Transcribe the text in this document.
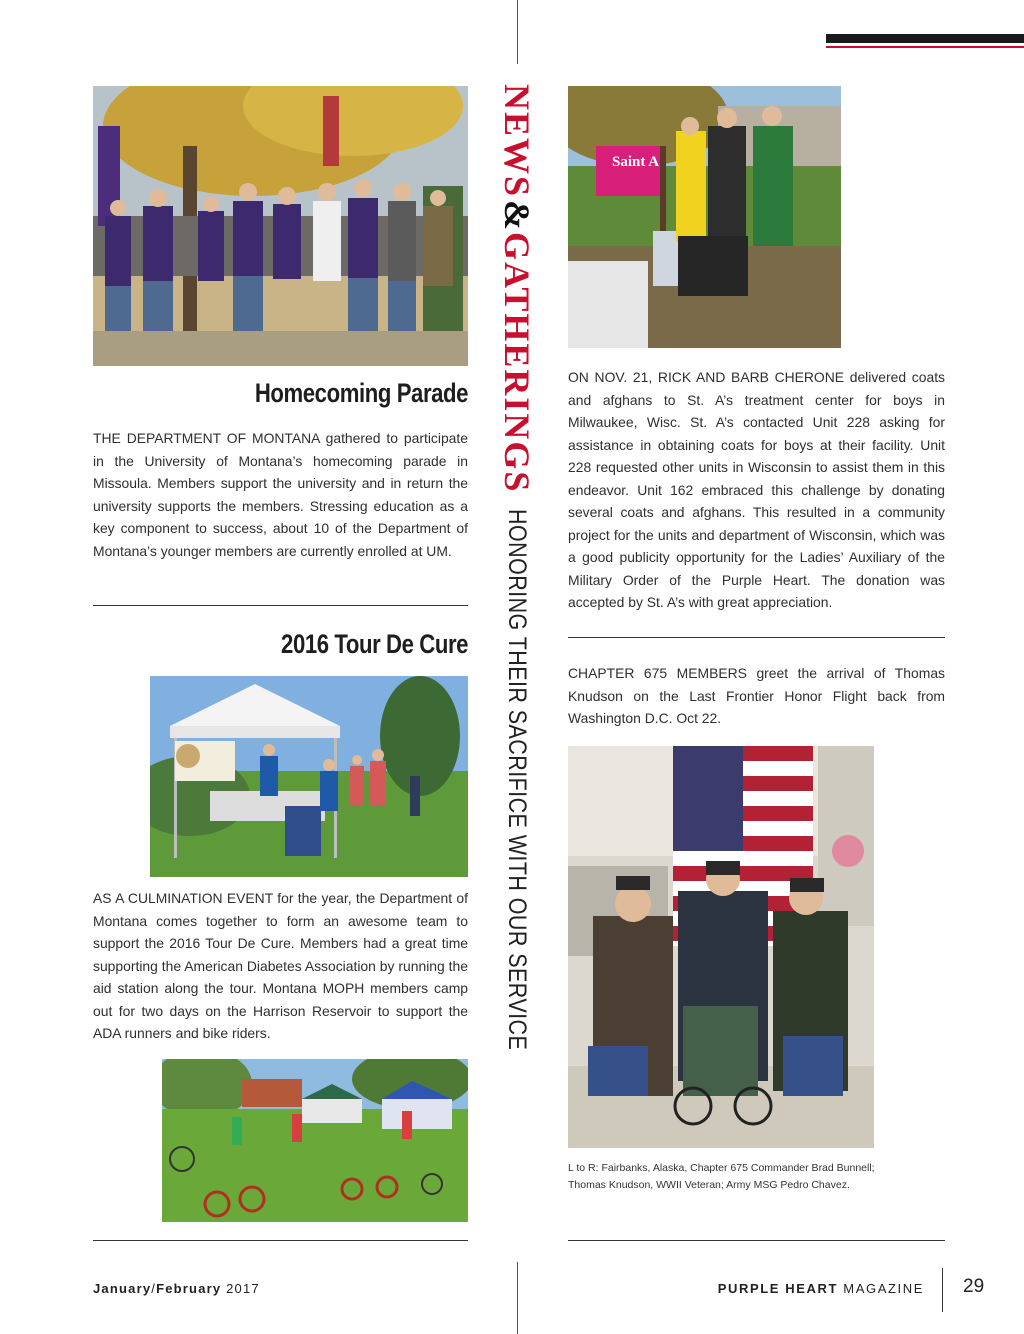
NEWS
&
GATHERINGS
HONORING THEIR SACRIFICE WITH OUR SERVICE
Homecoming Parade
THE DEPARTMENT OF MONTANA gathered to participate in the University of Montana’s homecoming parade in Missoula. Members support the university and in return the university supports the members. Stressing education as a key component to success, about 10 of the Department of Montana’s younger members are currently enrolled at UM.
2016 Tour De Cure
AS A CULMINATION EVENT for the year, the Department of Montana comes together to form an awesome team to support the 2016 Tour De Cure. Members had a great time supporting the American Diabetes Association by running the aid station along the tour. Montana MOPH members camp out for two days on the Harrison Reservoir to support the ADA runners and bike riders.
Saint A
ON NOV. 21, RICK AND BARB CHERONE delivered coats and afghans to St. A’s treatment center for boys in Milwaukee, Wisc. St. A’s contacted Unit 228 asking for assistance in obtaining coats for boys at their facility. Unit 228 requested other units in Wisconsin to assist them in this endeavor. Unit 162 embraced this challenge by donating several coats and afghans. This resulted in a community project for the units and department of Wisconsin, which was a good publicity opportunity for the Ladies’ Auxiliary of the Military Order of the Purple Heart. The donation was accepted by St. A’s with great appreciation.
CHAPTER 675 MEMBERS greet the arrival of Thomas Knudson on the Last Frontier Honor Flight back from Washington D.C. Oct 22.
L to R: Fairbanks, Alaska, Chapter 675 Commander Brad Bunnell;
Thomas Knudson, WWII Veteran; Army MSG Pedro Chavez.
January/February 2017	PURPLE HEART MAGAZINE 29
